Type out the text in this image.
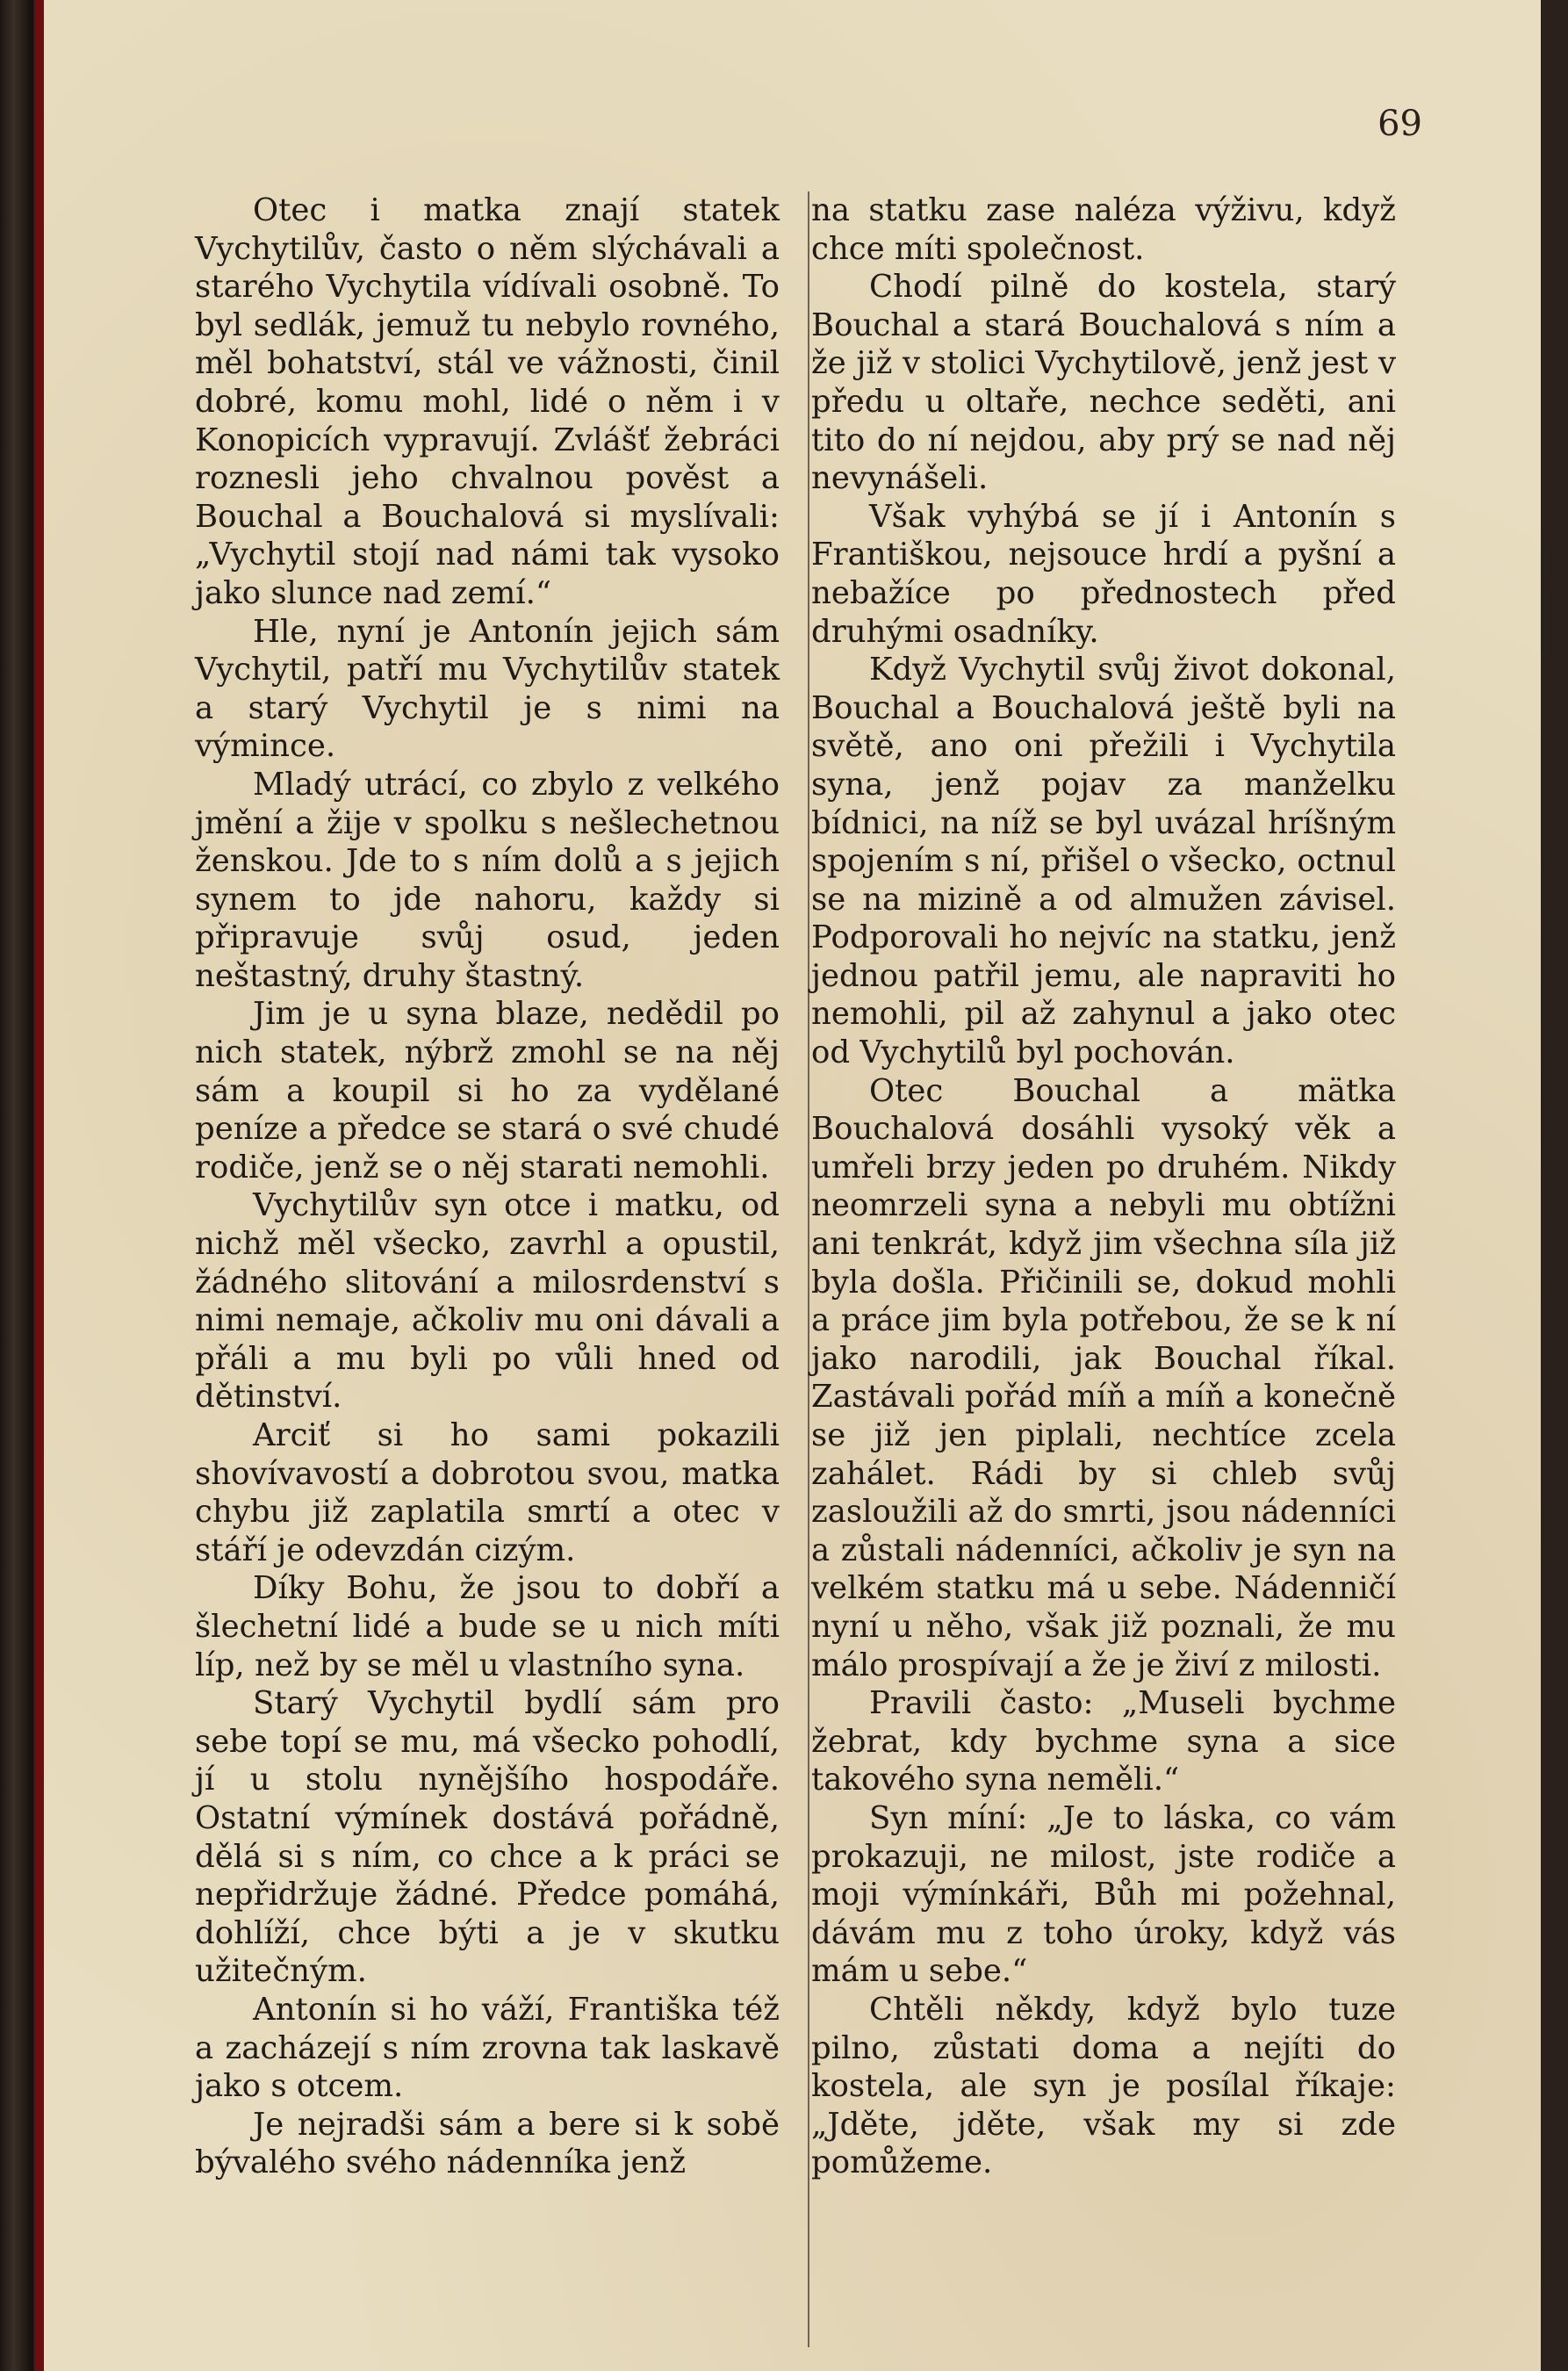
69

Otec i matka znají statek Vychytilův, často o něm slýchávali a starého Vychytila vídívali osobně. To byl sedlák, jemuž tu nebylo rovného, měl bohatství, stál ve vážnosti, činil dobré, komu mohl, lidé o něm i v Konopicích vypravují. Zvlášť žebráci roznesli jeho chvalnou pověst a Bouchal a Bouchalová si myslívali: „Vychytil stojí nad námi tak vysoko jako slunce nad zemí.“

Hle, nyní je Antonín jejich sám Vychytil, patří mu Vychytilův statek a starý Vychytil je s nimi na výmince.

Mladý utrácí, co zbylo z velkého jmění a žije v spolku s nešlechetnou ženskou. Jde to s ním dolů a s jejich synem to jde nahoru, každy si připravuje svůj osud, jeden neštastný, druhy štastný.

Jim je u syna blaze, nedědil po nich statek, nýbrž zmohl se na něj sám a koupil si ho za vydělané peníze a předce se stará o své chudé rodiče, jenž se o něj starati nemohli.

Vychytilův syn otce i matku, od nichž měl všecko, zavrhl a opustil, žádného slitování a milosrdenství s nimi nemaje, ačkoliv mu oni dávali a přáli a mu byli po vůli hned od dětinství.

Arciť si ho sami pokazili shovívavostí a dobrotou svou, matka chybu již zaplatila smrtí a otec v stáří je odevzdán cizým.

Díky Bohu, že jsou to dobří a šlechetní lidé a bude se u nich míti líp, než by se měl u vlastního syna.

Starý Vychytil bydlí sám pro sebe topí se mu, má všecko pohodlí, jí u stolu nynějšího hospodáře. Ostatní výmínek dostává pořádně, dělá si s ním, co chce a k práci se nepřidržuje žádné. Předce pomáhá, dohlíží, chce býti a je v skutku užitečným.

Antonín si ho váží, Františka též a zacházejí s ním zrovna tak laskavě jako s otcem.

Je nejradši sám a bere si k sobě bývalého svého nádenníka jenž

na statku zase naléza výživu, když chce míti společnost.

Chodí pilně do kostela, starý Bouchal a stará Bouchalová s ním a že již v stolici Vychytilově, jenž jest v předu u oltaře, nechce seděti, ani tito do ní nejdou, aby prý se nad něj nevynášeli.

Však vyhýbá se jí i Antonín s Františkou, nejsouce hrdí a pyšní a nebažíce po přednostech před druhými osadníky.

Když Vychytil svůj život dokonal, Bouchal a Bouchalová ještě byli na světě, ano oni přežili i Vychytila syna, jenž pojav za manželku bídnici, na níž se byl uvázal hríšným spojením s ní, přišel o všecko, octnul se na mizině a od almužen závisel. Podporovali ho nejvíc na statku, jenž jednou patřil jemu, ale napraviti ho nemohli, pil až zahynul a jako otec od Vychytilů byl pochován.

Otec Bouchal a mätka Bouchalová dosáhli vysoký věk a umřeli brzy jeden po druhém. Nikdy neomrzeli syna a nebyli mu obtížni ani tenkrát, když jim všechna síla již byla došla. Přičinili se, dokud mohli a práce jim byla potřebou, že se k ní jako narodili, jak Bouchal říkal. Zastávali pořád míň a míň a konečně se již jen piplali, nechtíce zcela zahálet. Rádi by si chleb svůj zasloužili až do smrti, jsou nádenníci a zůstali nádenníci, ačkoliv je syn na velkém statku má u sebe. Nádenničí nyní u něho, však již poznali, že mu málo prospívají a že je živí z milosti.

Pravili často: „Museli bychme žebrat, kdy bychme syna a sice takového syna neměli.“

Syn míní: „Je to láska, co vám prokazuji, ne milost, jste rodiče a moji výmínkáři, Bůh mi požehnal, dávám mu z toho úroky, když vás mám u sebe.“

Chtěli někdy, když bylo tuze pilno, zůstati doma a nejíti do kostela, ale syn je posílal říkaje: „Jděte, jděte, však my si zde pomůžeme.
